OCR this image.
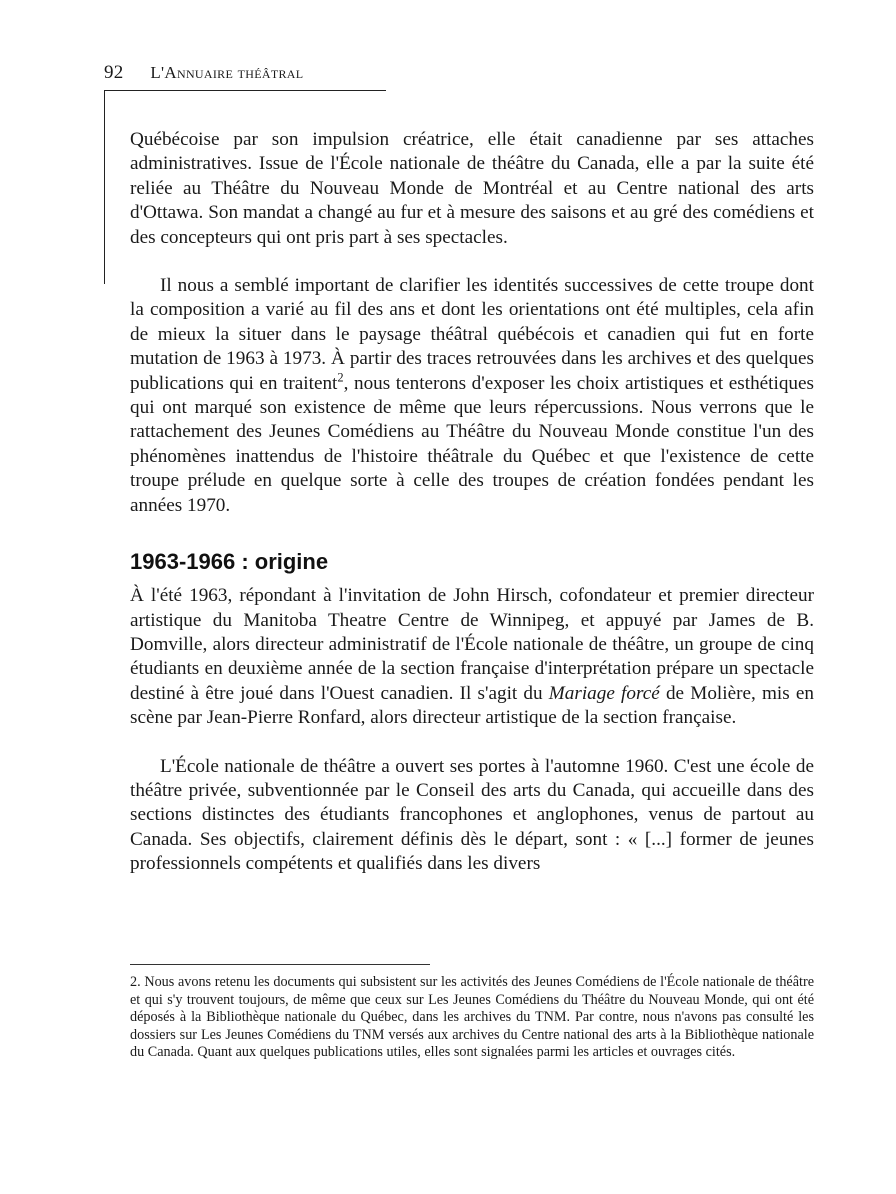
92 L'Annuaire théâtral

Québécoise par son impulsion créatrice, elle était canadienne par ses attaches administratives. Issue de l'École nationale de théâtre du Canada, elle a par la suite été reliée au Théâtre du Nouveau Monde de Montréal et au Centre national des arts d'Ottawa. Son mandat a changé au fur et à mesure des saisons et au gré des comédiens et des concepteurs qui ont pris part à ses spectacles.

Il nous a semblé important de clarifier les identités successives de cette troupe dont la composition a varié au fil des ans et dont les orientations ont été multiples, cela afin de mieux la situer dans le paysage théâtral québécois et canadien qui fut en forte mutation de 1963 à 1973. À partir des traces retrouvées dans les archives et des quelques publications qui en traitent$^2$, nous tenterons d'exposer les choix artistiques et esthétiques qui ont marqué son existence de même que leurs répercussions. Nous verrons que le rattachement des Jeunes Comédiens au Théâtre du Nouveau Monde constitue l'un des phénomènes inattendus de l'histoire théâtrale du Québec et que l'existence de cette troupe prélude en quelque sorte à celle des troupes de création fondées pendant les années 1970.

1963-1966 : origine

À l'été 1963, répondant à l'invitation de John Hirsch, cofondateur et premier directeur artistique du Manitoba Theatre Centre de Winnipeg, et appuyé par James de B. Domville, alors directeur administratif de l'École nationale de théâtre, un groupe de cinq étudiants en deuxième année de la section française d'interprétation prépare un spectacle destiné à être joué dans l'Ouest canadien. Il s'agit du Mariage forcé de Molière, mis en scène par Jean-Pierre Ronfard, alors directeur artistique de la section française.

L'École nationale de théâtre a ouvert ses portes à l'automne 1960. C'est une école de théâtre privée, subventionnée par le Conseil des arts du Canada, qui accueille dans des sections distinctes des étudiants francophones et anglophones, venus de partout au Canada. Ses objectifs, clairement définis dès le départ, sont : « [...] former de jeunes professionnels compétents et qualifiés dans les divers

2. Nous avons retenu les documents qui subsistent sur les activités des Jeunes Comédiens de l'École nationale de théâtre et qui s'y trouvent toujours, de même que ceux sur Les Jeunes Comédiens du Théâtre du Nouveau Monde, qui ont été déposés à la Bibliothèque nationale du Québec, dans les archives du TNM. Par contre, nous n'avons pas consulté les dossiers sur Les Jeunes Comédiens du TNM versés aux archives du Centre national des arts à la Bibliothèque nationale du Canada. Quant aux quelques publications utiles, elles sont signalées parmi les articles et ouvrages cités.
